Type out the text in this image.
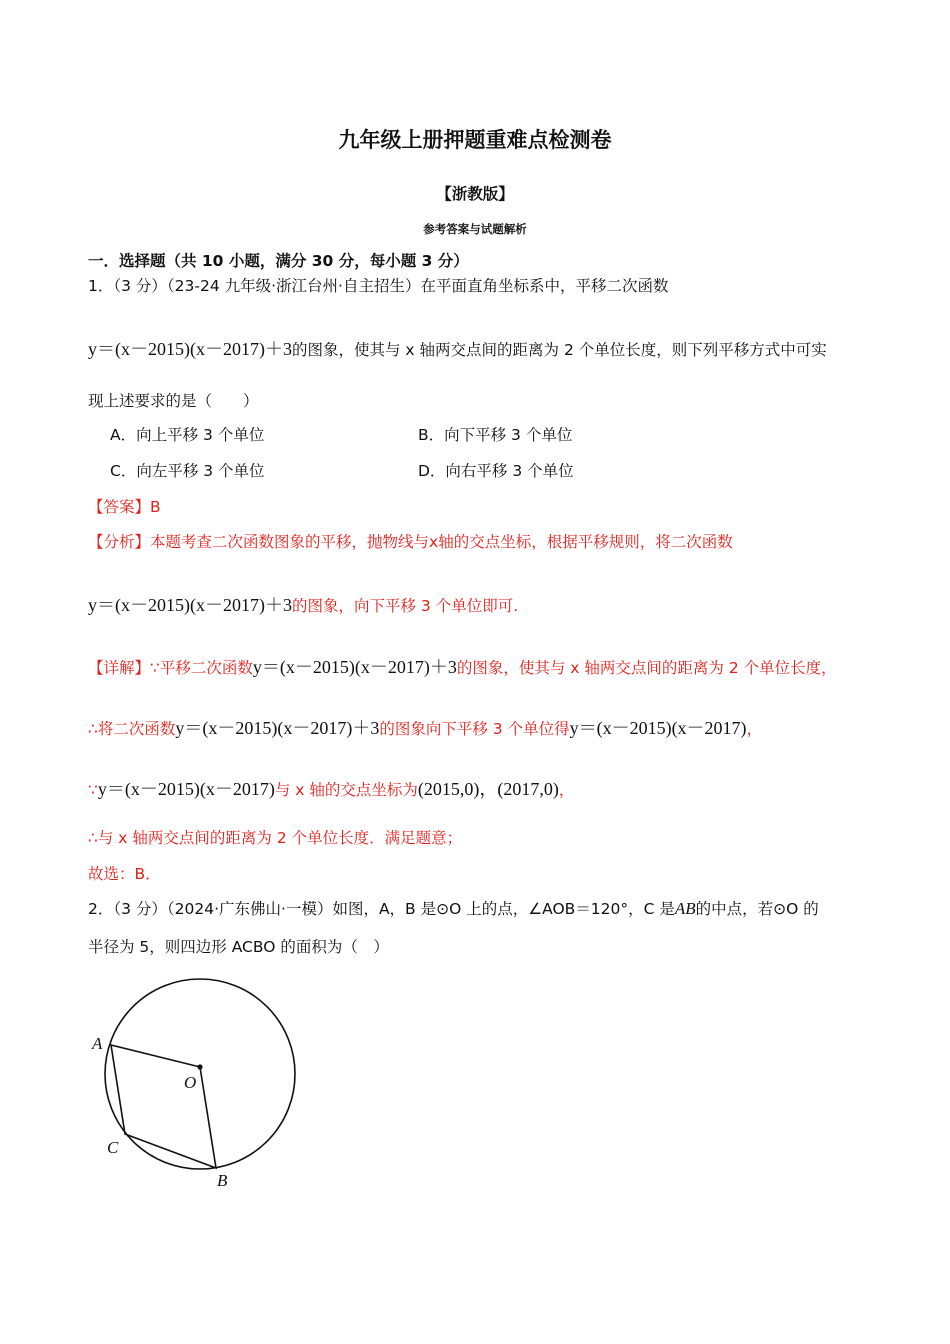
九年级上册押题重难点检测卷
【浙教版】
参考答案与试题解析
一．选择题（共 10 小题，满分 30 分，每小题 3 分）
1．（3 分）（23-24 九年级·浙江台州·自主招生）在平面直角坐标系中，平移二次函数
y＝(x－2015)(x－2017)＋3的图象，使其与 x 轴两交点间的距离为 2 个单位长度，则下列平移方式中可实
现上述要求的是（　　）
A．向上平移 3 个单位	B．向下平移 3 个单位
C．向左平移 3 个单位	D．向右平移 3 个单位
【答案】B
【分析】本题考查二次函数图象的平移，抛物线与x轴的交点坐标，根据平移规则，将二次函数
y＝(x－2015)(x－2017)＋3的图象，向下平移 3 个单位即可.
【详解】∵平移二次函数y＝(x－2015)(x－2017)＋3的图象，使其与 x 轴两交点间的距离为 2 个单位长度，
∴将二次函数y＝(x－2015)(x－2017)＋3的图象向下平移 3 个单位得y＝(x－2015)(x－2017)，
∵y＝(x－2015)(x－2017)与 x 轴的交点坐标为(2015,0)，(2017,0)，
∴与 x 轴两交点间的距离为 2 个单位长度．满足题意；
故选：B．
2．（3 分）（2024·广东佛山·一模）如图，A，B 是⊙O 上的点，∠AOB＝120°，C 是AB的中点，若⊙O 的
半径为 5，则四边形 ACBO 的面积为（　）
A
O
C
B
